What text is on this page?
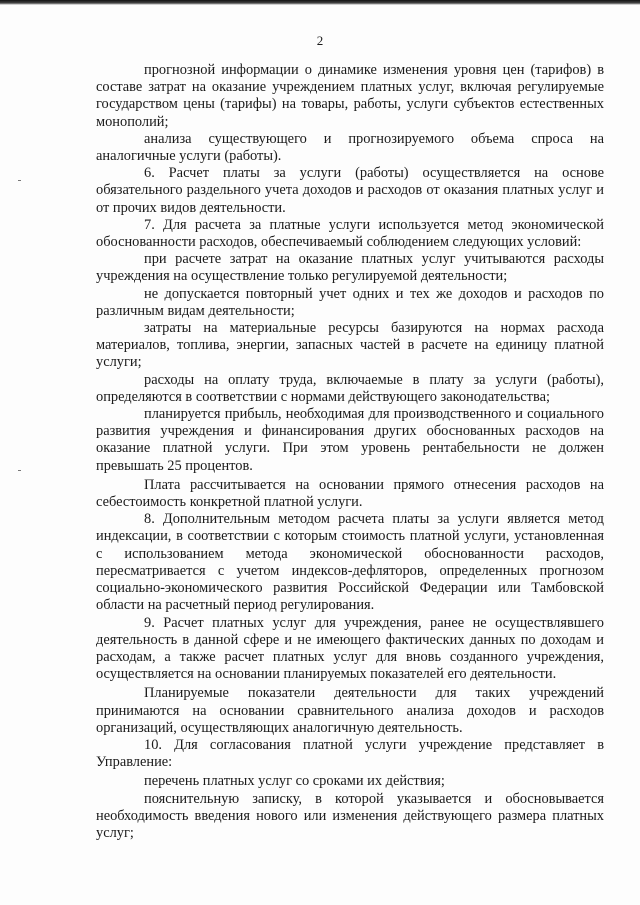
2

прогнозной информации о динамике изменения уровня цен (тарифов) в составе затрат на оказание учреждением платных услуг, включая регулируемые государством цены (тарифы) на товары, работы, услуги субъектов естественных монополий;

анализа существующего и прогнозируемого объема спроса на аналогичные услуги (работы).

6. Расчет платы за услуги (работы) осуществляется на основе обязательного раздельного учета доходов и расходов от оказания платных услуг и от прочих видов деятельности.

7. Для расчета за платные услуги используется метод экономической обоснованности расходов, обеспечиваемый соблюдением следующих условий:

при расчете затрат на оказание платных услуг учитываются расходы учреждения на осуществление только регулируемой деятельности;

не допускается повторный учет одних и тех же доходов и расходов по различным видам деятельности;

затраты на материальные ресурсы базируются на нормах расхода материалов, топлива, энергии, запасных частей в расчете на единицу платной услуги;

расходы на оплату труда, включаемые в плату за услуги (работы), определяются в соответствии с нормами действующего законодательства;

планируется прибыль, необходимая для производственного и социального развития учреждения и финансирования других обоснованных расходов на оказание платной услуги. При этом уровень рентабельности не должен превышать 25 процентов.

Плата рассчитывается на основании прямого отнесения расходов на себестоимость конкретной платной услуги.

8. Дополнительным методом расчета платы за услуги является метод индексации, в соответствии с которым стоимость платной услуги, установленная с использованием метода экономической обоснованности расходов, пересматривается с учетом индексов-дефляторов, определенных прогнозом социально-экономического развития Российской Федерации или Тамбовской области на расчетный период регулирования.

9. Расчет платных услуг для учреждения, ранее не осуществлявшего деятельность в данной сфере и не имеющего фактических данных по доходам и расходам, а также расчет платных услуг для вновь созданного учреждения, осуществляется на основании планируемых показателей его деятельности.

Планируемые показатели деятельности для таких учреждений принимаются на основании сравнительного анализа доходов и расходов организаций, осуществляющих аналогичную деятельность.

10. Для согласования платной услуги учреждение представляет в Управление:

перечень платных услуг со сроками их действия;

пояснительную записку, в которой указывается и обосновывается необходимость введения нового или изменения действующего размера платных услуг;
